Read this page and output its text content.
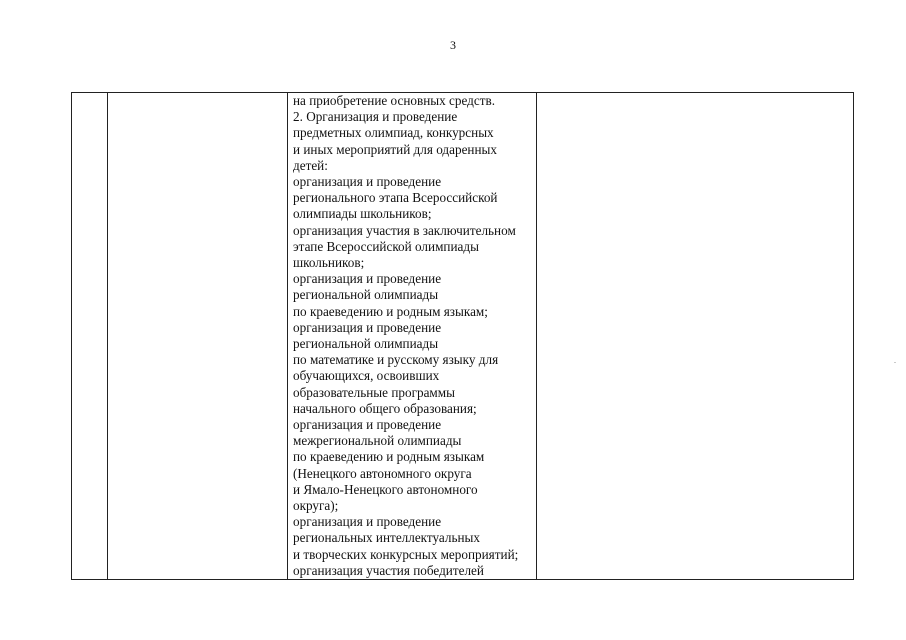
3

на приобретение основных средств.
2. Организация и проведение
предметных олимпиад, конкурсных
и иных мероприятий для одаренных
детей:
организация и проведение
регионального этапа Всероссийской
олимпиады школьников;
организация участия в заключительном
этапе Всероссийской олимпиады
школьников;
организация и проведение
региональной олимпиады
по краеведению и родным языкам;
организация и проведение
региональной олимпиады
по математике и русскому языку для
обучающихся, освоивших
образовательные программы
начального общего образования;
организация и проведение
межрегиональной олимпиады
по краеведению и родным языкам
(Ненецкого автономного округа
и Ямало-Ненецкого автономного
округа);
организация и проведение
региональных интеллектуальных
и творческих конкурсных мероприятий;
организация участия победителей

.
